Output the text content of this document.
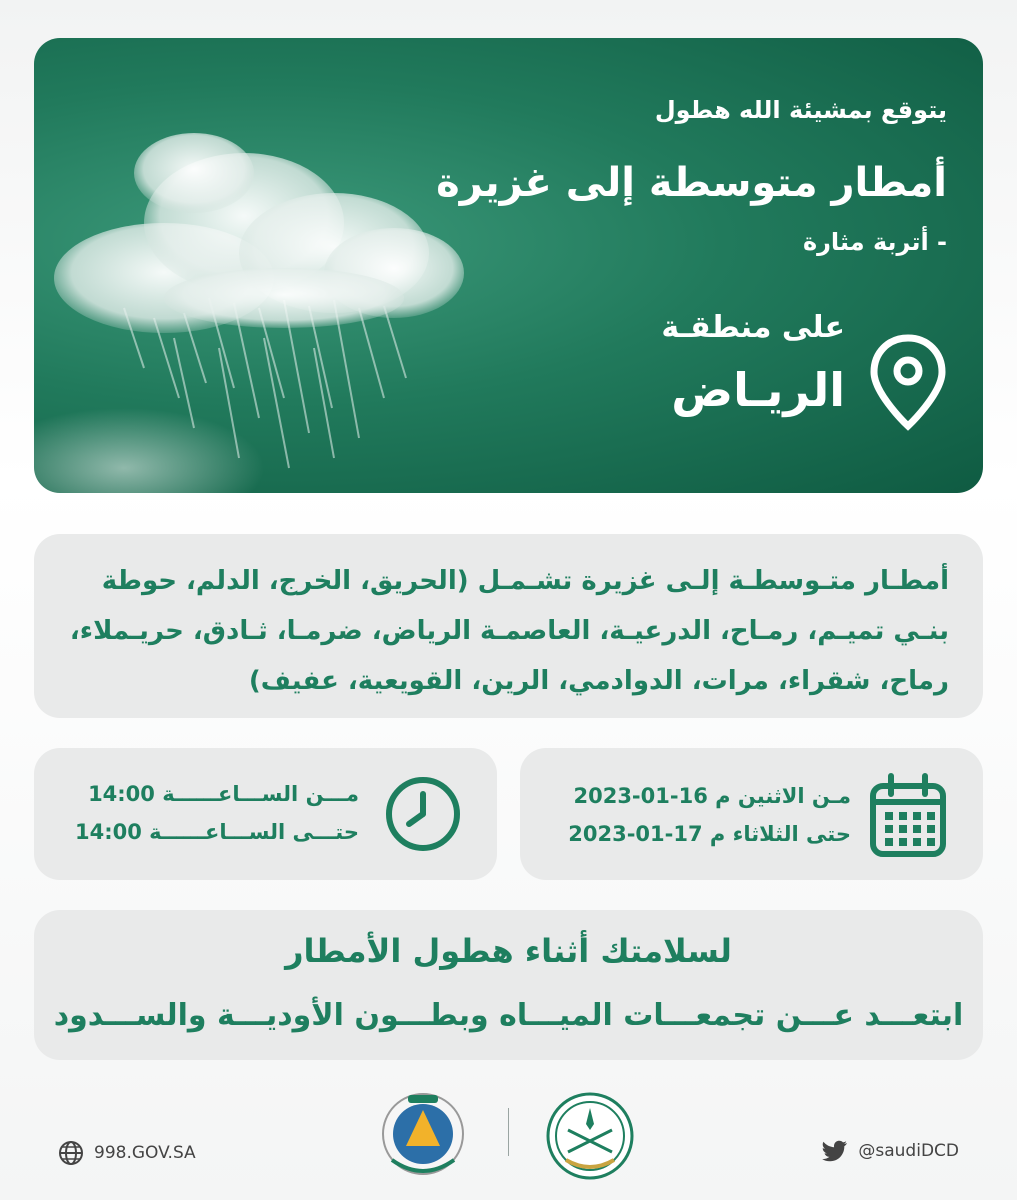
يتوقع بمشيئة الله هطول
أمطار متوسطة إلى غزيرة
- أتربة مثارة
على منطقـة
الريـاض

أمطـار متـوسطـة إلـى غزيرة تشـمـل (الحريق، الخرج، الدلم، حوطة بنـي تميـم، رمـاح، الدرعيـة، العاصمـة الرياض، ضرمـا، ثـادق، حريـملاء، رماح، شقراء، مرات، الدوادمي، الرين، القويعية، عفيف)

مـن الاثنين 2023-01-16 م
حتى الثلاثاء 2023-01-17 م
مـــن الســـاعــــــة 14:00
حتـــى الســـاعــــــة 14:00
لسلامتك أثناء هطول الأمطار
ابتعـــد عـــن تجمعـــات الميـــاه وبطـــون الأوديـــة والســـدود
998.GOV.SA	@saudiDCD
